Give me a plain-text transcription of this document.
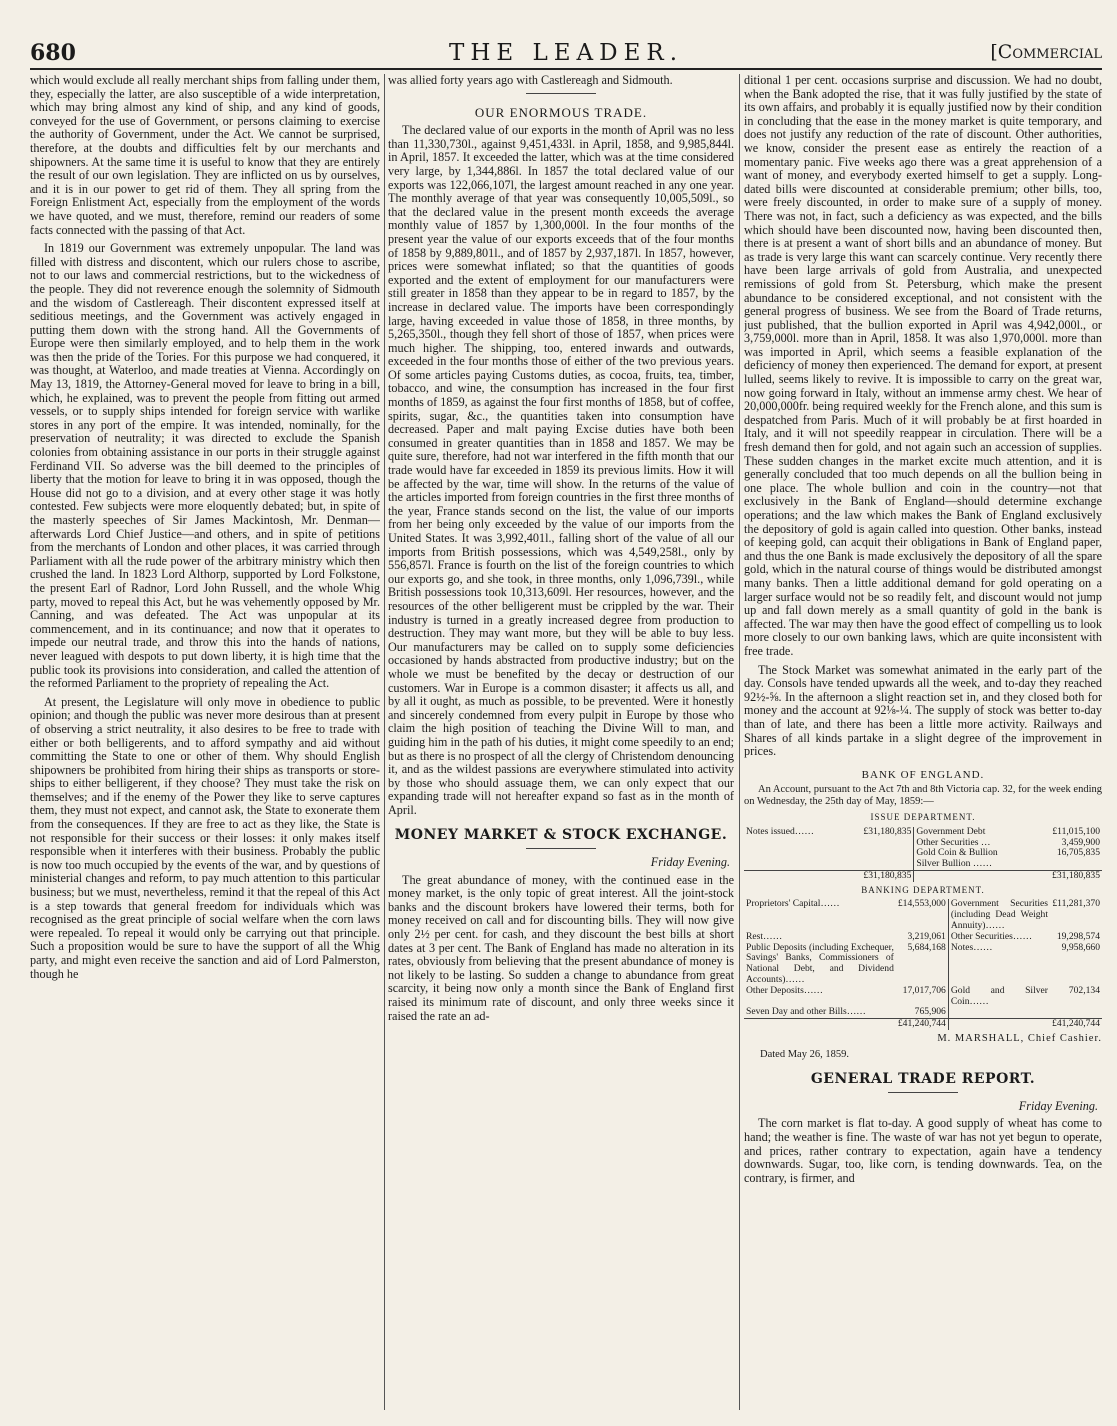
680	THE LEADER.	[Commercial

which would exclude all really merchant ships from falling under them, they, especially the latter, are also susceptible of a wide interpretation, which may bring almost any kind of ship, and any kind of goods, conveyed for the use of Government, or persons claiming to exercise the authority of Government, under the Act. We cannot be surprised, therefore, at the doubts and difficulties felt by our merchants and shipowners. At the same time it is useful to know that they are entirely the result of our own legislation. They are inflicted on us by ourselves, and it is in our power to get rid of them. They all spring from the Foreign Enlistment Act, especially from the employment of the words we have quoted, and we must, therefore, remind our readers of some facts connected with the passing of that Act.

In 1819 our Government was extremely unpopular. The land was filled with distress and discontent, which our rulers chose to ascribe, not to our laws and commercial restrictions, but to the wickedness of the people. They did not reverence enough the solemnity of Sidmouth and the wisdom of Castlereagh. Their discontent expressed itself at seditious meetings, and the Government was actively engaged in putting them down with the strong hand. All the Governments of Europe were then similarly employed, and to help them in the work was then the pride of the Tories. For this purpose we had conquered, it was thought, at Waterloo, and made treaties at Vienna. Accordingly on May 13, 1819, the Attorney-General moved for leave to bring in a bill, which, he explained, was to prevent the people from fitting out armed vessels, or to supply ships intended for foreign service with warlike stores in any port of the empire. It was intended, nominally, for the preservation of neutrality; it was directed to exclude the Spanish colonies from obtaining assistance in our ports in their struggle against Ferdinand VII. So adverse was the bill deemed to the principles of liberty that the motion for leave to bring it in was opposed, though the House did not go to a division, and at every other stage it was hotly contested. Few subjects were more eloquently debated; but, in spite of the masterly speeches of Sir James Mackintosh, Mr. Denman—afterwards Lord Chief Justice—and others, and in spite of petitions from the merchants of London and other places, it was carried through Parliament with all the rude power of the arbitrary ministry which then crushed the land. In 1823 Lord Althorp, supported by Lord Folkstone, the present Earl of Radnor, Lord John Russell, and the whole Whig party, moved to repeal this Act, but he was vehemently opposed by Mr. Canning, and was defeated. The Act was unpopular at its commencement, and in its continuance; and now that it operates to impede our neutral trade, and throw this into the hands of nations, never leagued with despots to put down liberty, it is high time that the public took its provisions into consideration, and called the attention of the reformed Parliament to the propriety of repealing the Act.

At present, the Legislature will only move in obedience to public opinion; and though the public was never more desirous than at present of observing a strict neutrality, it also desires to be free to trade with either or both belligerents, and to afford sympathy and aid without committing the State to one or other of them. Why should English shipowners be prohibited from hiring their ships as transports or store-ships to either belligerent, if they choose? They must take the risk on themselves; and if the enemy of the Power they like to serve captures them, they must not expect, and cannot ask, the State to exonerate them from the consequences. If they are free to act as they like, the State is not responsible for their success or their losses: it only makes itself responsible when it interferes with their business. Probably the public is now too much occupied by the events of the war, and by questions of ministerial changes and reform, to pay much attention to this particular business; but we must, nevertheless, remind it that the repeal of this Act is a step towards that general freedom for individuals which was recognised as the great principle of social welfare when the corn laws were repealed. To repeal it would only be carrying out that principle. Such a proposition would be sure to have the support of all the Whig party, and might even receive the sanction and aid of Lord Palmerston, though he

was allied forty years ago with Castlereagh and Sidmouth.

OUR ENORMOUS TRADE.

The declared value of our exports in the month of April was no less than 11,330,730l., against 9,451,433l. in April, 1858, and 9,985,844l. in April, 1857. It exceeded the latter, which was at the time considered very large, by 1,344,886l. In 1857 the total declared value of our exports was 122,066,107l, the largest amount reached in any one year. The monthly average of that year was consequently 10,005,509l., so that the declared value in the present month exceeds the average monthly value of 1857 by 1,300,000l. In the four months of the present year the value of our exports exceeds that of the four months of 1858 by 9,889,801l., and of 1857 by 2,937,187l. In 1857, however, prices were somewhat inflated; so that the quantities of goods exported and the extent of employment for our manufacturers were still greater in 1858 than they appear to be in regard to 1857, by the increase in declared value. The imports have been correspondingly large, having exceeded in value those of 1858, in three months, by 5,265,350l., though they fell short of those of 1857, when prices were much higher. The shipping, too, entered inwards and outwards, exceeded in the four months those of either of the two previous years. Of some articles paying Customs duties, as cocoa, fruits, tea, timber, tobacco, and wine, the consumption has increased in the four first months of 1859, as against the four first months of 1858, but of coffee, spirits, sugar, &c., the quantities taken into consumption have decreased. Paper and malt paying Excise duties have both been consumed in greater quantities than in 1858 and 1857. We may be quite sure, therefore, had not war interfered in the fifth month that our trade would have far exceeded in 1859 its previous limits. How it will be affected by the war, time will show. In the returns of the value of the articles imported from foreign countries in the first three months of the year, France stands second on the list, the value of our imports from her being only exceeded by the value of our imports from the United States. It was 3,992,401l., falling short of the value of all our imports from British possessions, which was 4,549,258l., only by 556,857l. France is fourth on the list of the foreign countries to which our exports go, and she took, in three months, only 1,096,739l., while British possessions took 10,313,609l. Her resources, however, and the resources of the other belligerent must be crippled by the war. Their industry is turned in a greatly increased degree from production to destruction. They may want more, but they will be able to buy less. Our manufacturers may be called on to supply some deficiencies occasioned by hands abstracted from productive industry; but on the whole we must be benefited by the decay or destruction of our customers. War in Europe is a common disaster; it affects us all, and by all it ought, as much as possible, to be prevented. Were it honestly and sincerely condemned from every pulpit in Europe by those who claim the high position of teaching the Divine Will to man, and guiding him in the path of his duties, it might come speedily to an end; but as there is no prospect of all the clergy of Christendom denouncing it, and as the wildest passions are everywhere stimulated into activity by those who should assuage them, we can only expect that our expanding trade will not hereafter expand so fast as in the month of April.

MONEY MARKET & STOCK EXCHANGE.
Friday Evening.

The great abundance of money, with the continued ease in the money market, is the only topic of great interest. All the joint-stock banks and the discount brokers have lowered their terms, both for money received on call and for discounting bills. They will now give only 2½ per cent. for cash, and they discount the best bills at short dates at 3 per cent. The Bank of England has made no alteration in its rates, obviously from believing that the present abundance of money is not likely to be lasting. So sudden a change to abundance from great scarcity, it being now only a month since the Bank of England first raised its minimum rate of discount, and only three weeks since it raised the rate an ad-

ditional 1 per cent. occasions surprise and discussion. We had no doubt, when the Bank adopted the rise, that it was fully justified by the state of its own affairs, and probably it is equally justified now by their condition in concluding that the ease in the money market is quite temporary, and does not justify any reduction of the rate of discount. Other authorities, we know, consider the present ease as entirely the reaction of a momentary panic. Five weeks ago there was a great apprehension of a want of money, and everybody exerted himself to get a supply. Long-dated bills were discounted at considerable premium; other bills, too, were freely discounted, in order to make sure of a supply of money. There was not, in fact, such a deficiency as was expected, and the bills which should have been discounted now, having been discounted then, there is at present a want of short bills and an abundance of money. But as trade is very large this want can scarcely continue. Very recently there have been large arrivals of gold from Australia, and unexpected remissions of gold from St. Petersburg, which make the present abundance to be considered exceptional, and not consistent with the general progress of business. We see from the Board of Trade returns, just published, that the bullion exported in April was 4,942,000l., or 3,759,000l. more than in April, 1858. It was also 1,970,000l. more than was imported in April, which seems a feasible explanation of the deficiency of money then experienced. The demand for export, at present lulled, seems likely to revive. It is impossible to carry on the great war, now going forward in Italy, without an immense army chest. We hear of 20,000,000fr. being required weekly for the French alone, and this sum is despatched from Paris. Much of it will probably be at first hoarded in Italy, and it will not speedily reappear in circulation. There will be a fresh demand then for gold, and not again such an accession of supplies. These sudden changes in the market excite much attention, and it is generally concluded that too much depends on all the bullion being in one place. The whole bullion and coin in the country—not that exclusively in the Bank of England—should determine exchange operations; and the law which makes the Bank of England exclusively the depository of gold is again called into question. Other banks, instead of keeping gold, can acquit their obligations in Bank of England paper, and thus the one Bank is made exclusively the depository of all the spare gold, which in the natural course of things would be distributed amongst many banks. Then a little additional demand for gold operating on a larger surface would not be so readily felt, and discount would not jump up and fall down merely as a small quantity of gold in the bank is affected. The war may then have the good effect of compelling us to look more closely to our own banking laws, which are quite inconsistent with free trade.

The Stock Market was somewhat animated in the early part of the day. Consols have tended upwards all the week, and to-day they reached 92½-⅝. In the afternoon a slight reaction set in, and they closed both for money and the account at 92⅛-¼. The supply of stock was better to-day than of late, and there has been a little more activity. Railways and Shares of all kinds partake in a slight degree of the improvement in prices.

BANK OF ENGLAND.

An Account, pursuant to the Act 7th and 8th Victoria cap. 32, for the week ending on Wednesday, the 25th day of May, 1859:—

ISSUE DEPARTMENT.
Notes issued……	£31,180,835	Government Debt	£11,015,100
		Other Securities …	3,459,900
		Gold Coin & Bullion	16,705,835
		Silver Bullion ……	
	£31,180,835		£31,180,835
BANKING DEPARTMENT.
Proprietors' Capital……	£14,553,000	Government Securities (including Dead Weight Annuity)……	£11,281,370
Rest……	3,219,061	Other Securities……	19,298,574
Public Deposits (including Exchequer, Savings' Banks, Commissioners of National Debt, and Dividend Accounts)……	5,684,168	Notes……	9,958,660
Other Deposits……	17,017,706	Gold and Silver Coin……	702,134
Seven Day and other Bills……	765,906		
	£41,240,744		£41,240,744
M. MARSHALL, Chief Cashier.
Dated May 26, 1859.
GENERAL TRADE REPORT.
Friday Evening.

The corn market is flat to-day. A good supply of wheat has come to hand; the weather is fine. The waste of war has not yet begun to operate, and prices, rather contrary to expectation, again have a tendency downwards. Sugar, too, like corn, is tending downwards. Tea, on the contrary, is firmer, and
